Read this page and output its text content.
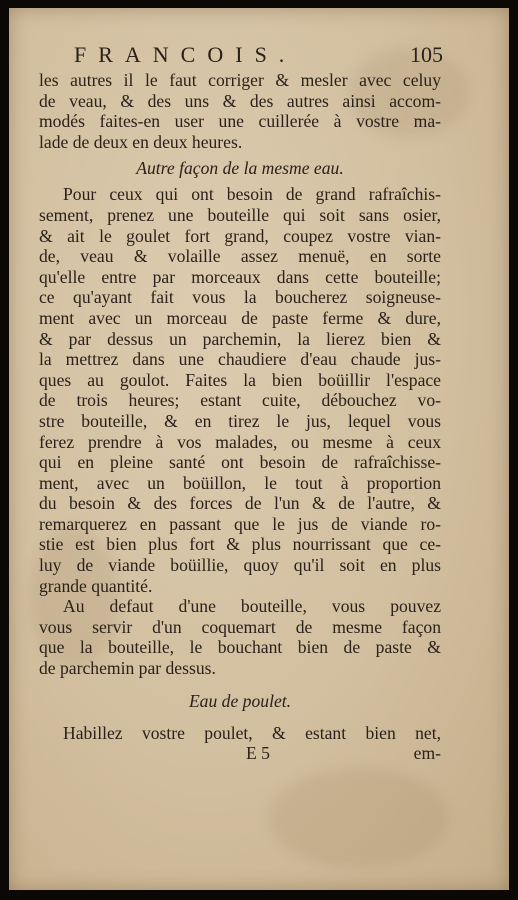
FRANCOIS.	105
les autres il le faut corriger & mesler avec celuy
de veau, & des uns & des autres ainsi accom-
modés faites-en user une cuillerée à vostre ma-
lade de deux en deux heures.
Autre façon de la mesme eau.
Pour ceux qui ont besoin de grand rafraîchis-
sement, prenez une bouteille qui soit sans osier,
& ait le goulet fort grand, coupez vostre vian-
de, veau & volaille assez menuë, en sorte
qu'elle entre par morceaux dans cette bouteille;
ce qu'ayant fait vous la boucherez soigneuse-
ment avec un morceau de paste ferme & dure,
& par dessus un parchemin, la lierez bien &
la mettrez dans une chaudiere d'eau chaude jus-
ques au goulot. Faites la bien boüillir l'espace
de trois heures; estant cuite, débouchez vo-
stre bouteille, & en tirez le jus, lequel vous
ferez prendre à vos malades, ou mesme à ceux
qui en pleine santé ont besoin de rafraîchisse-
ment, avec un boüillon, le tout à proportion
du besoin & des forces de l'un & de l'autre, &
remarquerez en passant que le jus de viande ro-
stie est bien plus fort & plus nourrissant que ce-
luy de viande boüillie, quoy qu'il soit en plus
grande quantité.
Au defaut d'une bouteille, vous pouvez
vous servir d'un coquemart de mesme façon
que la bouteille, le bouchant bien de paste &
de parchemin par dessus.
Eau de poulet.
Habillez vostre poulet, & estant bien net,
E 5	em-
